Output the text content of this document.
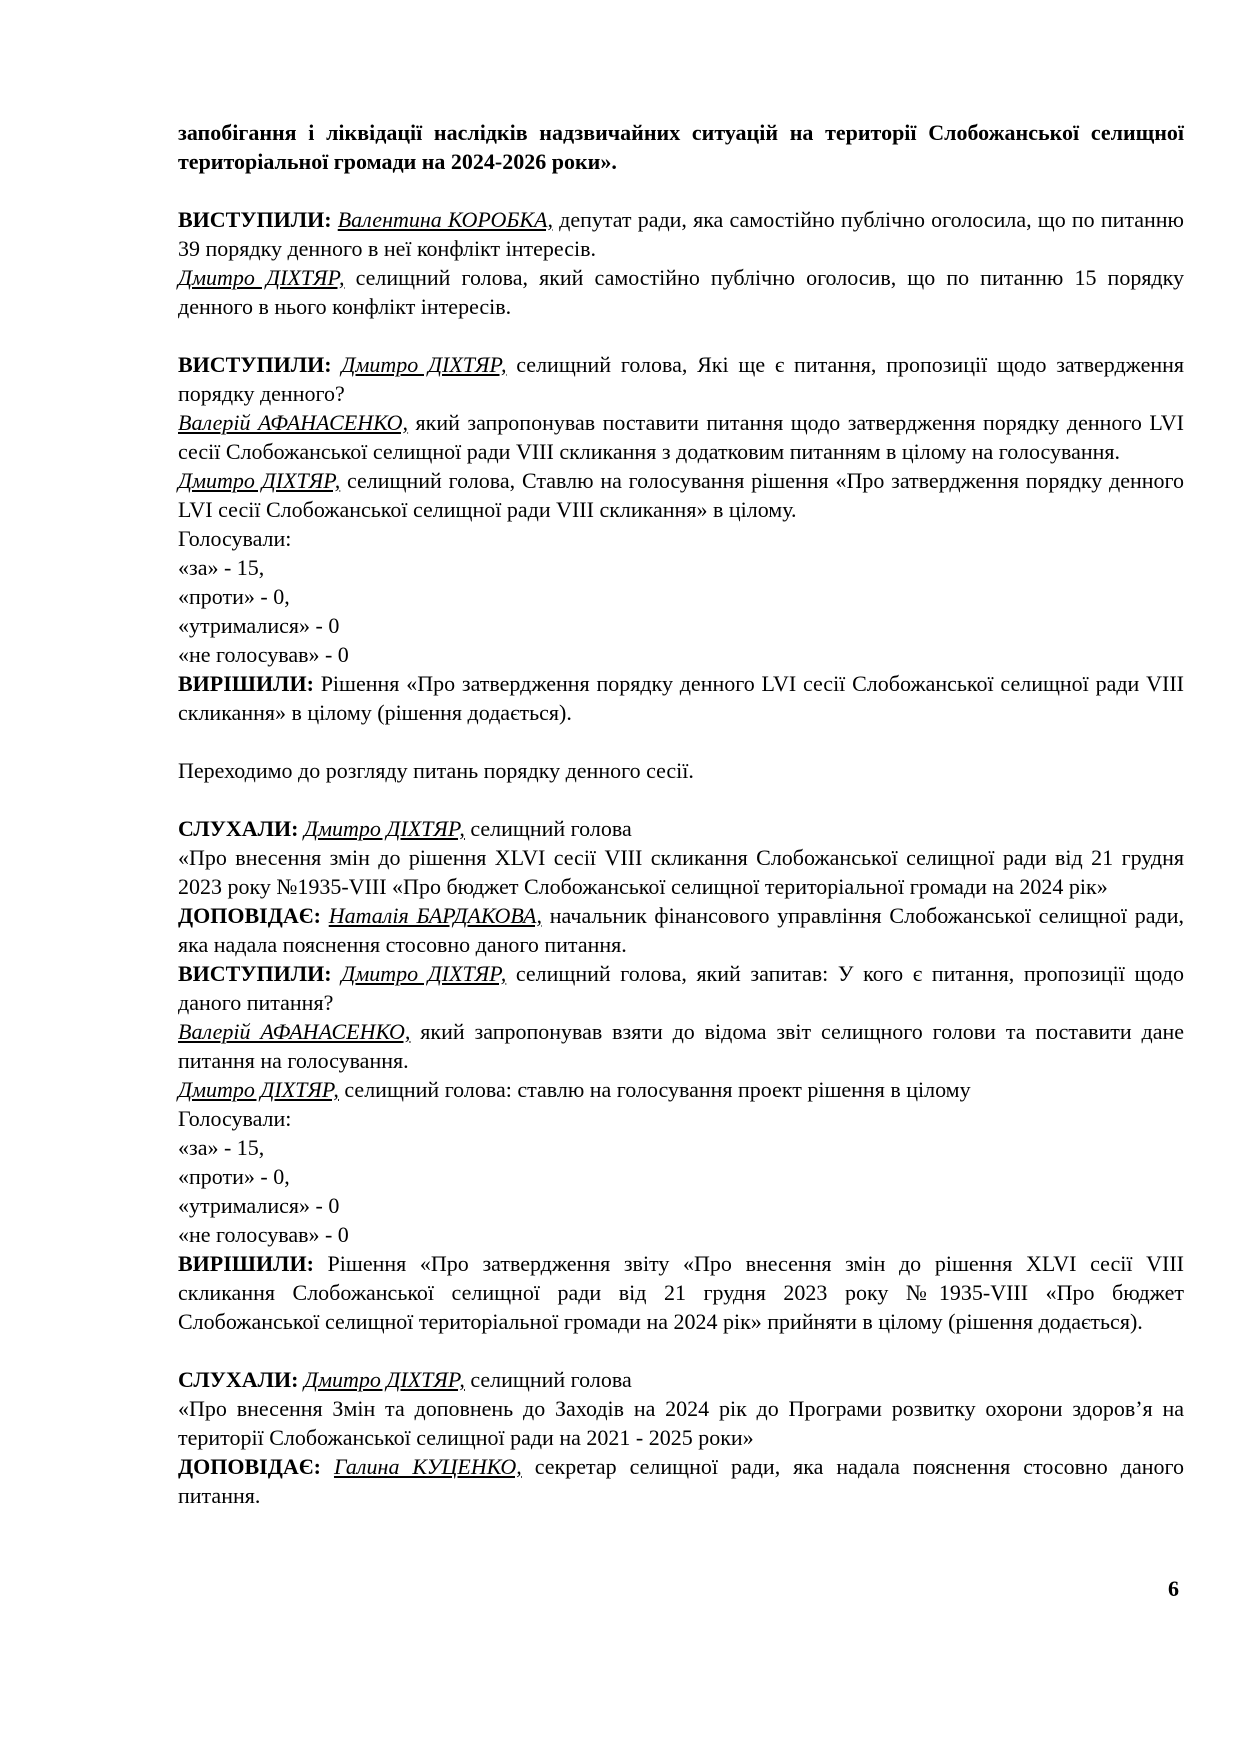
запобігання і ліквідації наслідків надзвичайних ситуацій на території Слобожанської селищної територіальної громади на 2024-2026 роки».

ВИСТУПИЛИ: Валентина КОРОБКА, депутат ради, яка самостійно публічно оголосила, що по питанню 39 порядку денного в неї конфлікт інтересів.

Дмитро ДІХТЯР, селищний голова, який самостійно публічно оголосив, що по питанню 15 порядку денного в нього конфлікт інтересів.

ВИСТУПИЛИ: Дмитро ДІХТЯР, селищний голова, Які ще є питання, пропозиції щодо затвердження порядку денного?

Валерій АФАНАСЕНКО, який запропонував поставити питання щодо затвердження порядку денного LVI сесії Слобожанської селищної ради VIII скликання з додатковим питанням в цілому на голосування.

Дмитро ДІХТЯР, селищний голова, Ставлю на голосування рішення «Про затвердження порядку денного LVI сесії Слобожанської селищної ради VIII скликання» в цілому.

Голосували:

«за» - 15,

«проти» - 0,

«утрималися» - 0

«не голосував» - 0

ВИРІШИЛИ: Рішення «Про затвердження порядку денного LVI сесії Слобожанської селищної ради VIII скликання» в цілому (рішення додається).

Переходимо до розгляду питань порядку денного сесії.

СЛУХАЛИ: Дмитро ДІХТЯР, селищний голова

«Про внесення змін до рішення XLVI сесії VIII скликання Слобожанської селищної ради від 21 грудня 2023 року №1935-VIII «Про бюджет Слобожанської селищної територіальної громади на 2024 рік»

ДОПОВІДАЄ: Наталія БАРДАКОВА, начальник фінансового управління Слобожанської селищної ради, яка надала пояснення стосовно даного питання.

ВИСТУПИЛИ: Дмитро ДІХТЯР, селищний голова, який запитав: У кого є питання, пропозиції щодо даного питання?

Валерій АФАНАСЕНКО, який запропонував взяти до відома звіт селищного голови та поставити дане питання на голосування.

Дмитро ДІХТЯР, селищний голова: ставлю на голосування проект рішення в цілому

Голосували:

«за» - 15,

«проти» - 0,

«утрималися» - 0

«не голосував» - 0

ВИРІШИЛИ: Рішення «Про затвердження звіту «Про внесення змін до рішення XLVI сесії VIII скликання Слобожанської селищної ради від 21 грудня 2023 року №1935-VIII «Про бюджет Слобожанської селищної територіальної громади на 2024 рік» прийняти в цілому (рішення додається).

СЛУХАЛИ: Дмитро ДІХТЯР, селищний голова

«Про внесення Змін та доповнень до Заходів на 2024 рік до Програми розвитку охорони здоров’я на території Слобожанської селищної ради на 2021 - 2025 роки»

ДОПОВІДАЄ: Галина КУЦЕНКО, секретар селищної ради, яка надала пояснення стосовно даного питання.

6
